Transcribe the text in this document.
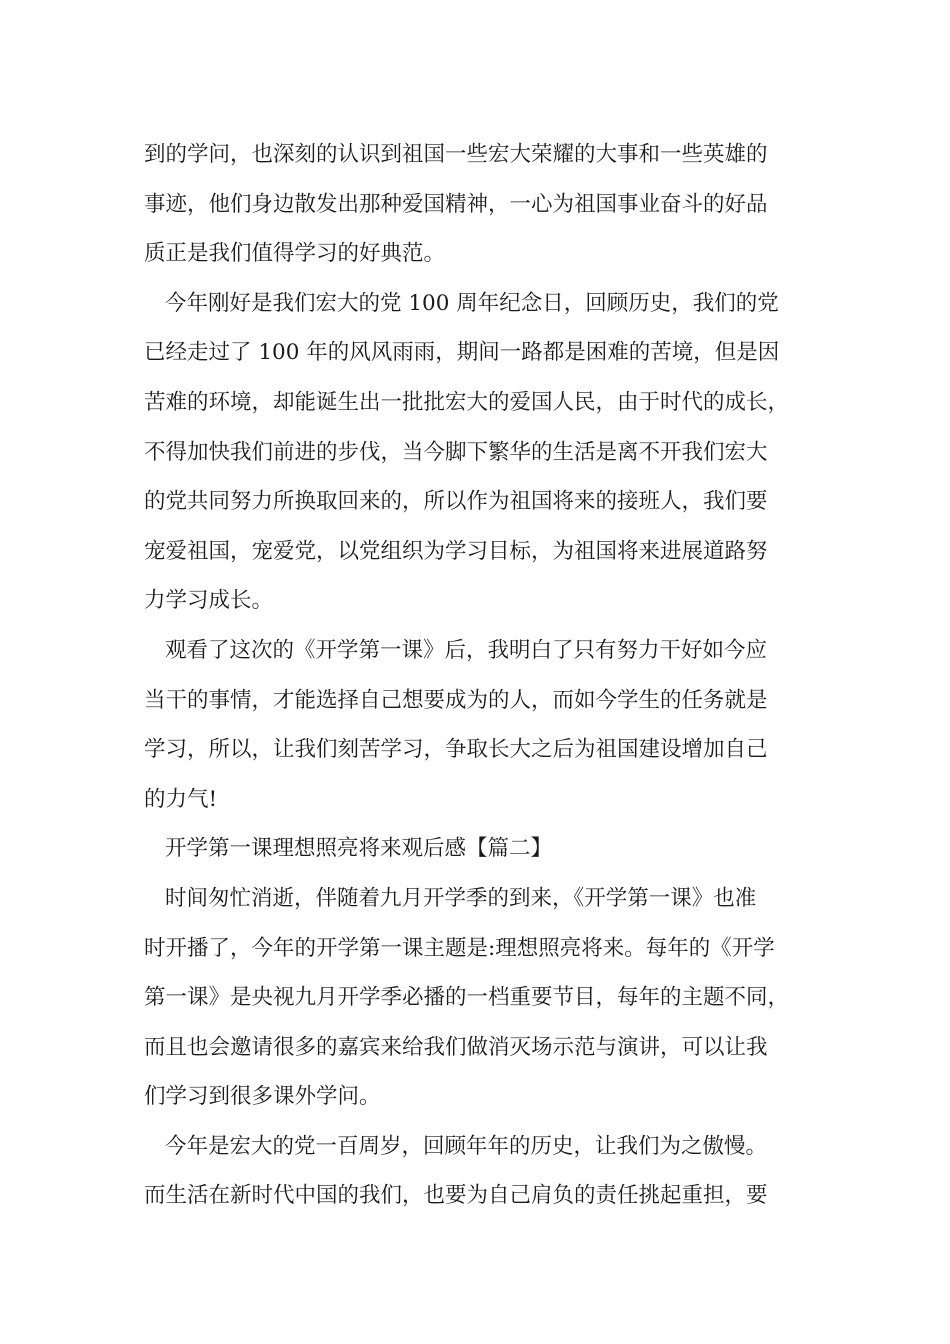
到的学问，也深刻的认识到祖国一些宏大荣耀的大事和一些英雄的
事迹，他们身边散发出那种爱国精神，一心为祖国事业奋斗的好品
质正是我们值得学习的好典范。
今年刚好是我们宏大的党 100 周年纪念日，回顾历史，我们的党
已经走过了 100 年的风风雨雨，期间一路都是困难的苦境，但是因
苦难的环境，却能诞生出一批批宏大的爱国人民，由于时代的成长，
不得加快我们前进的步伐，当今脚下繁华的生活是离不开我们宏大
的党共同努力所换取回来的，所以作为祖国将来的接班人，我们要
宠爱祖国，宠爱党，以党组织为学习目标，为祖国将来进展道路努
力学习成长。
观看了这次的《开学第一课》后，我明白了只有努力干好如今应
当干的事情，才能选择自己想要成为的人，而如今学生的任务就是
学习，所以，让我们刻苦学习，争取长大之后为祖国建设增加自己
的力气!
开学第一课理想照亮将来观后感【篇二】
时间匆忙消逝，伴随着九月开学季的到来，《开学第一课》也准
时开播了，今年的开学第一课主题是:理想照亮将来。每年的《开学
第一课》是央视九月开学季必播的一档重要节目，每年的主题不同，
而且也会邀请很多的嘉宾来给我们做消灭场示范与演讲，可以让我
们学习到很多课外学问。
今年是宏大的党一百周岁，回顾年年的历史，让我们为之傲慢。
而生活在新时代中国的我们，也要为自己肩负的责任挑起重担，要
